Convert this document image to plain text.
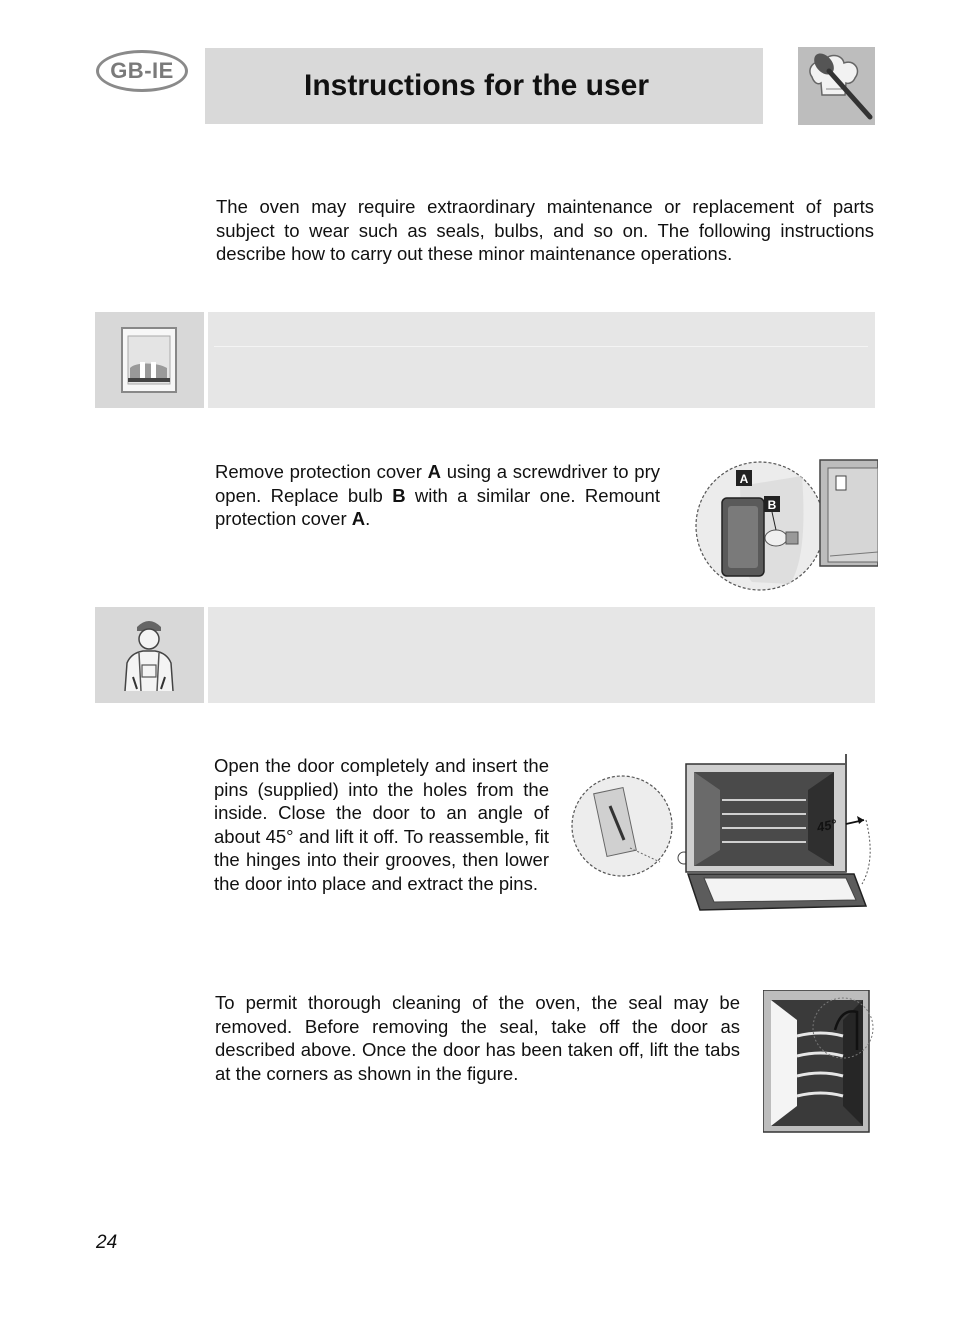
GB-IE	Instructions for the user

The oven may require extraordinary maintenance or replacement of parts subject to wear such as seals, bulbs, and so on. The following instructions describe how to carry out these minor maintenance operations.

Remove protection cover A using a screwdriver to pry open. Replace bulb B with a similar one. Remount protection cover A.

A
B

Open the door completely and insert the pins (supplied) into the holes from the inside. Close the door to an angle of about 45° and lift it off. To reassemble, fit the hinges into their grooves, then lower the door into place and extract the pins.

45°

To permit thorough cleaning of the oven, the seal may be removed. Before removing the seal, take off the door as described above. Once the door has been taken off, lift the tabs at the corners as shown in the figure.

24
